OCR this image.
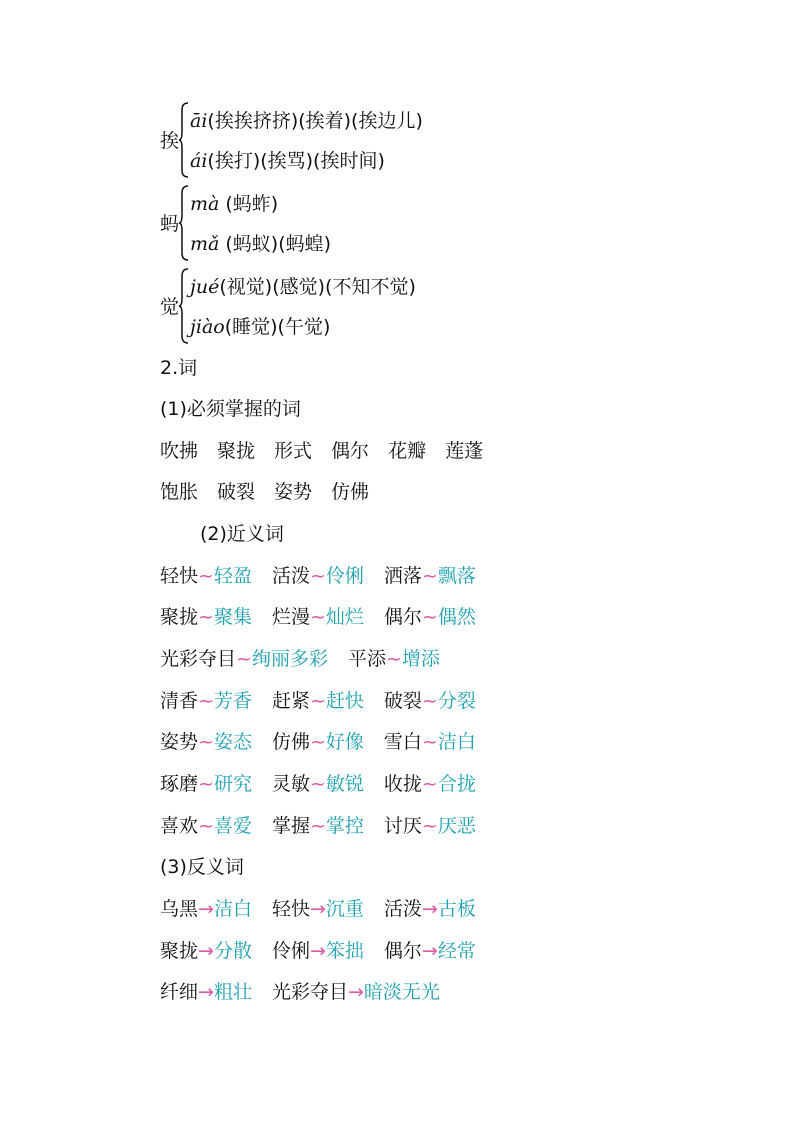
挨
āi(挨挨挤挤)(挨着)(挨边儿)
ái(挨打)(挨骂)(挨时间)
蚂
mà (蚂蚱)
mǎ (蚂蚁)(蚂蝗)
觉
jué(视觉)(感觉)(不知不觉)
jiào(睡觉)(午觉)
2.词
(1)必须掌握的词
吹拂 聚拢 形式 偶尔 花瓣 莲蓬
饱胀 破裂 姿势 仿佛
(2)近义词
轻快~轻盈 活泼~伶俐 洒落~飘落
聚拢~聚集 烂漫~灿烂 偶尔~偶然
光彩夺目~绚丽多彩 平添~增添
清香~芳香 赶紧~赶快 破裂~分裂
姿势~姿态 仿佛~好像 雪白~洁白
琢磨~研究 灵敏~敏锐 收拢~合拢
喜欢~喜爱 掌握~掌控 讨厌~厌恶
(3)反义词
乌黑→洁白 轻快→沉重 活泼→古板
聚拢→分散 伶俐→笨拙 偶尔→经常
纤细→粗壮 光彩夺目→暗淡无光
